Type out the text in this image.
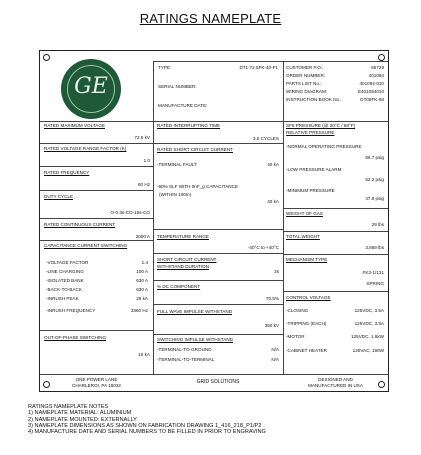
RATINGS NAMEPLATE
GE
TYPE:	DT1-72.5FK-40-F1
SERIAL NUMBER:
MANUFACTURE DATE:
CUSTOMER P.O.:	65729
ORDER NUMBER:	401094
PARTS LIST No.:	401094-010
WIRING DIAGRAM:	E401094010
INSTRUCTION BOOK No.:	DT09FK-IM
RATED MAXIMUM VOLTAGE
72.5 kV
RATED VOLTAGE RANGE FACTOR (K)
1.0
RATED FREQUENCY
60 Hz
DUTY CYCLE
O-0.3s-CO-15s-CO
RATED CONTINUOUS CURRENT
2000 A
CAPACITANCE CURRENT SWITCHING
-VOLTAGE FACTOR	1.4
-LINE CHARGING	100 A
-ISOLATED BANK	630 A
-BACK-TO-BACK	630 A
-INRUSH PEAK	25 kA
-INRUSH FREQUENCY	3360 Hz
OUT-OF-PHASE SWITCHING
10 kA
RATED INTERRUPTING TIME
3.0 CYCLES
RATED SHORT CIRCUIT CURRENT
-TERMINAL FAULT	40 kA
-90% SLF WITH 0nF_g CAPACITANCE
(WITHIN 100m)
40 kA
TEMPERATURE RANGE
-40°C to +40°C
SHORT CIRCUIT CURRENT
WITHSTAND DURATION
3s
% DC COMPONENT
70.5%
FULL WAVE IMPULSE WITHSTAND
350 kV
SWITCHING IMPULSE WITHSTAND
-TERMINAL-TO-GROUND	N/A
-TERMINAL-TO-TERMINAL	N/A
SF6 PRESSURE (@ 20°C / 68°F)
RELATIVE PRESSURE
-NORMAL OPERATING PRESSURE
66.7 psig
-LOW PRESSURE ALARM
52.2 psig
-MINIMUM PRESSURE
47.9 psig
WEIGHT OF GAS
29 lbs
TOTAL WEIGHT
3,869 lbs
MECHANISM TYPE
FK3-1/131
SPRING
CONTROL VOLTAGE
-CLOSING	125VDC, 3.5A
-TRIPPING (EACH)	125VDC, 3.5A
-MOTOR	125VDC, 1.6kW
-CABINET HEATER	120VAC, 190W
ONE POWER LANE
CHARLEROI, PA 15022
GRID SOLUTIONS	DESIGNED AND
MANUFACTURED IN USA
RATINGS NAMEPLATE NOTES
1) NAMEPLATE MATERIAL: ALUMINIUM
2) NAMEPLATE MOUNTED: EXTERNALLY
3) NAMEPLATE DIMENSIONS AS SHOWN ON FABRICATION DRAWING 1_416_218_P1/P2
4) MANUFACTURE DATE AND SERIAL NUMBERS TO BE FILLED IN PRIOR TO ENGRAVING
